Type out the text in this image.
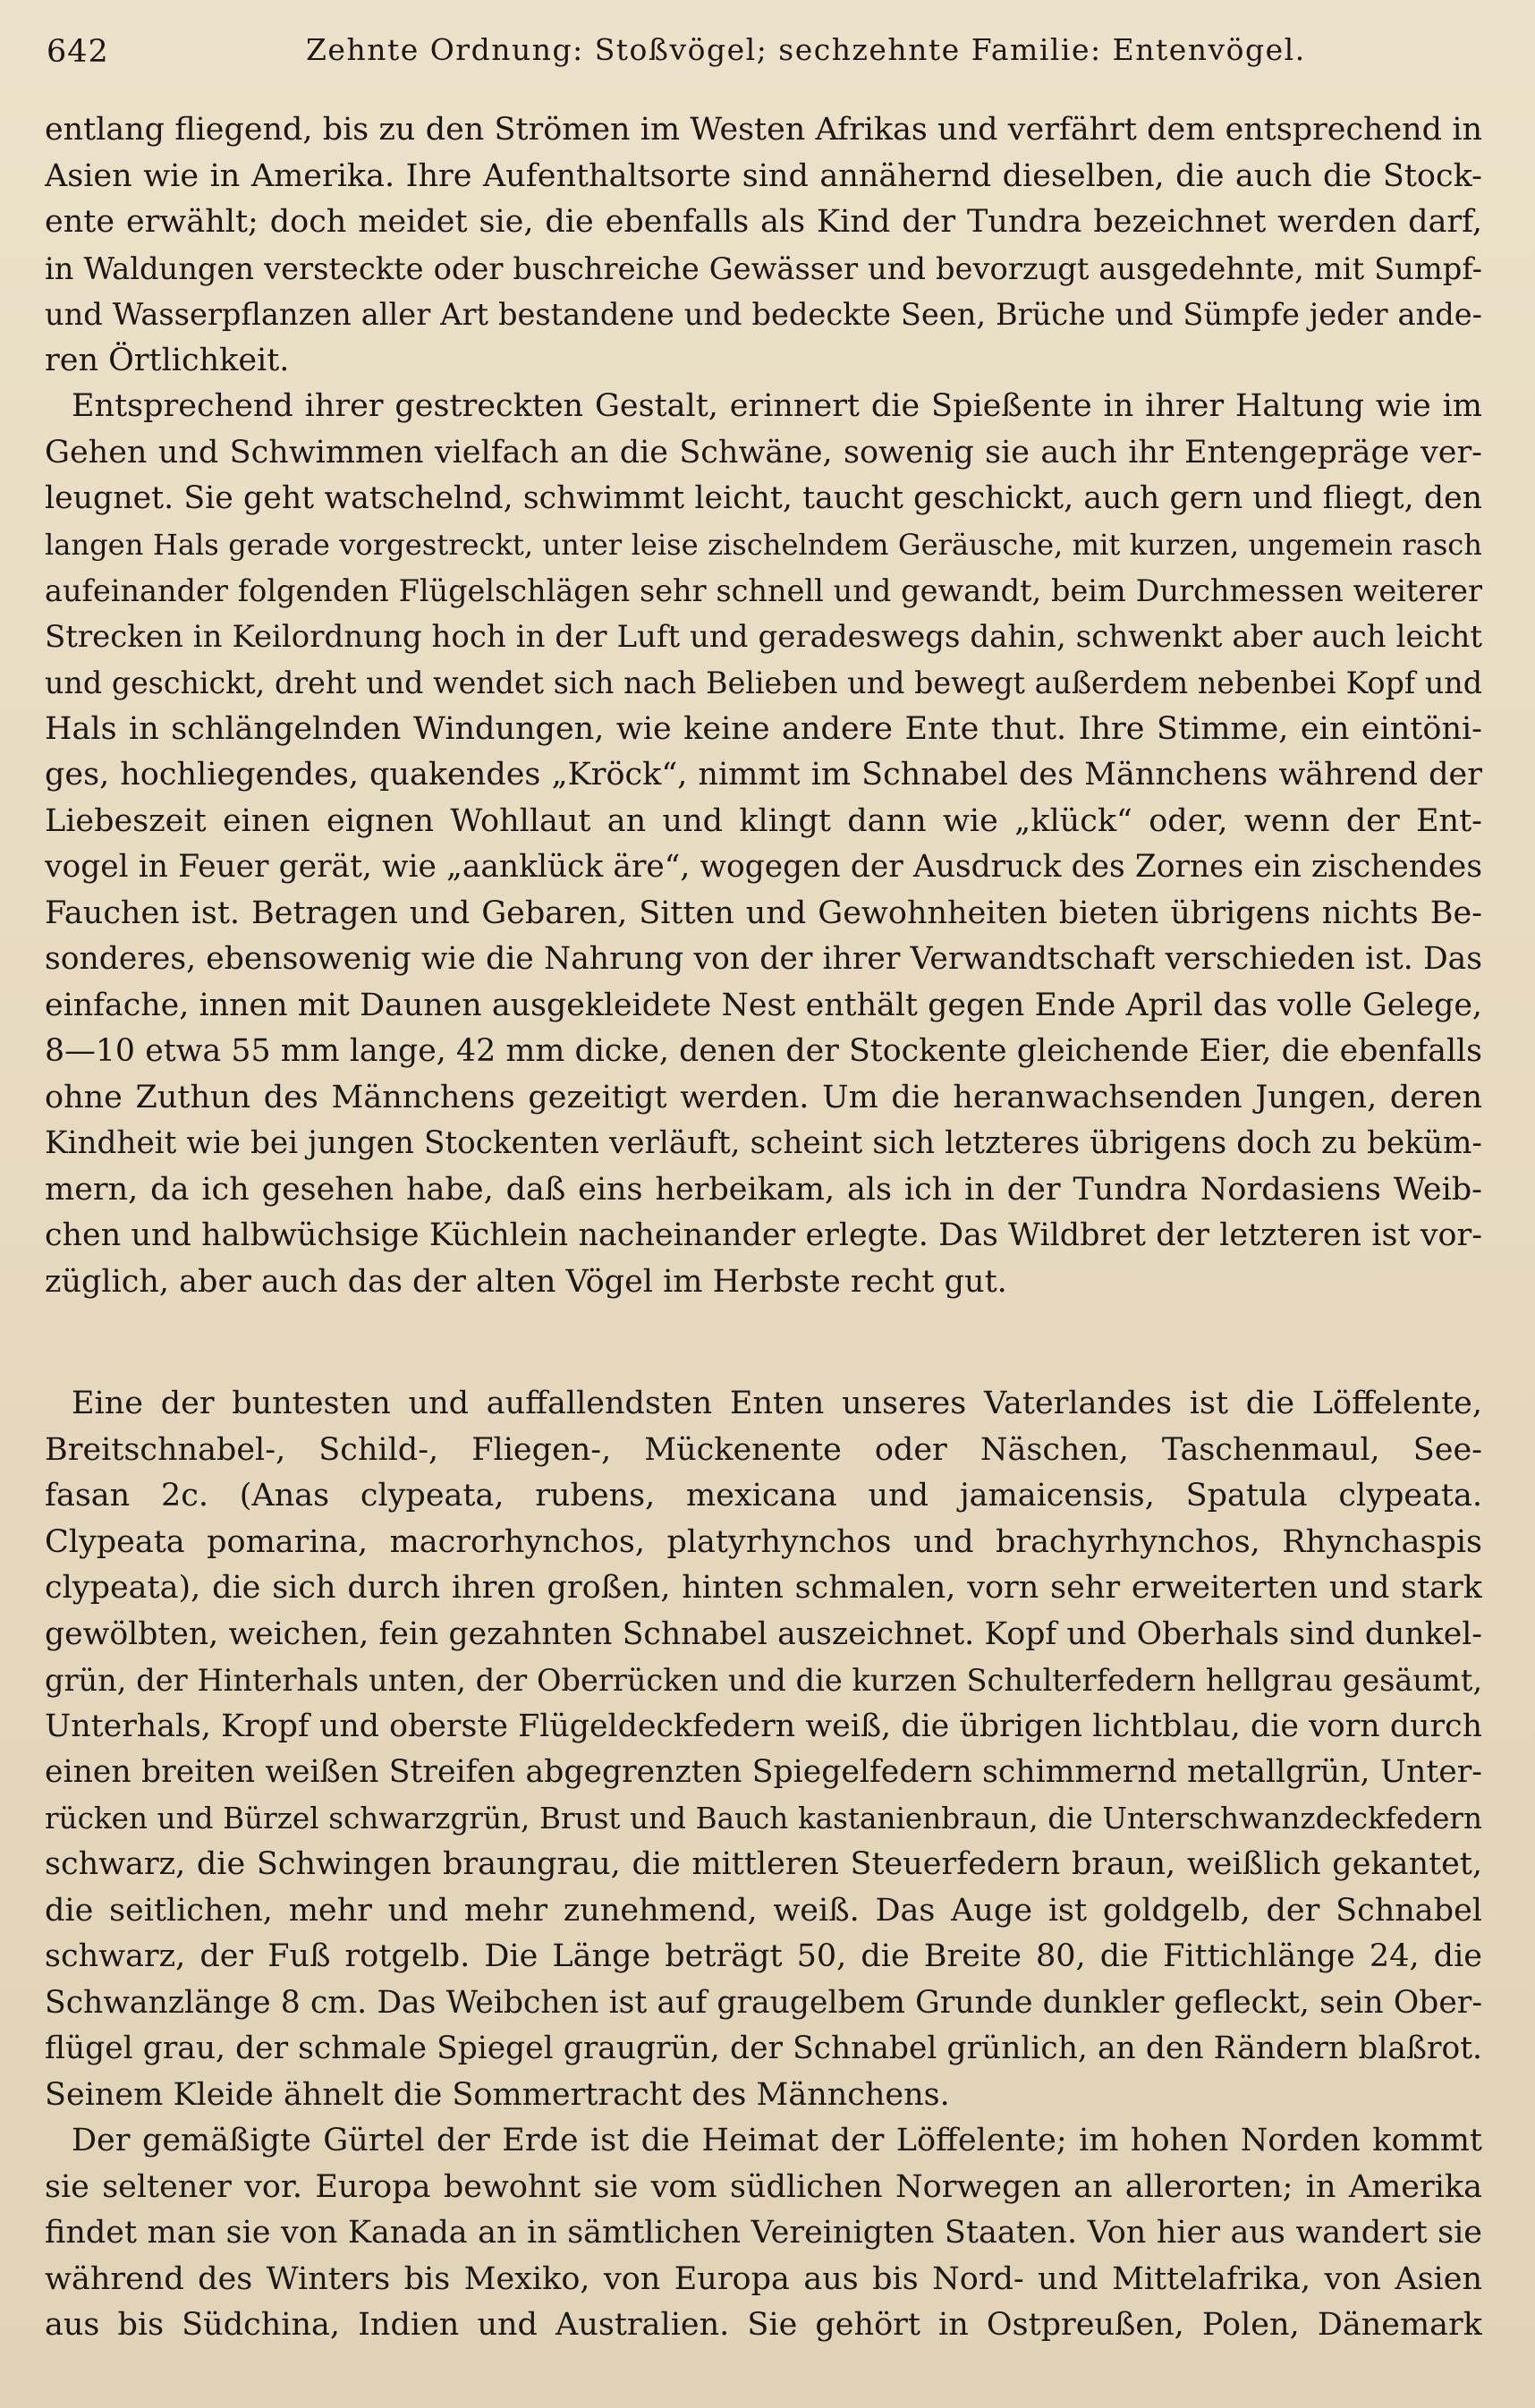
642	Zehnte Ordnung: Stoßvögel; sechzehnte Familie: Entenvögel.
entlang fliegend, bis zu den Strömen im Westen Afrikas und verfährt dem entsprechend in
Asien wie in Amerika. Ihre Aufenthaltsorte sind annähernd dieselben, die auch die Stock-
ente erwählt; doch meidet sie, die ebenfalls als Kind der Tundra bezeichnet werden darf,
in Waldungen versteckte oder buschreiche Gewässer und bevorzugt ausgedehnte, mit Sumpf-
und Wasserpflanzen aller Art bestandene und bedeckte Seen, Brüche und Sümpfe jeder ande-
ren Örtlichkeit.
Entsprechend ihrer gestreckten Gestalt, erinnert die Spießente in ihrer Haltung wie im
Gehen und Schwimmen vielfach an die Schwäne, sowenig sie auch ihr Entengepräge ver-
leugnet. Sie geht watschelnd, schwimmt leicht, taucht geschickt, auch gern und fliegt, den
langen Hals gerade vorgestreckt, unter leise zischelndem Geräusche, mit kurzen, ungemein rasch
aufeinander folgenden Flügelschlägen sehr schnell und gewandt, beim Durchmessen weiterer
Strecken in Keilordnung hoch in der Luft und geradeswegs dahin, schwenkt aber auch leicht
und geschickt, dreht und wendet sich nach Belieben und bewegt außerdem nebenbei Kopf und
Hals in schlängelnden Windungen, wie keine andere Ente thut. Ihre Stimme, ein eintöni-
ges, hochliegendes, quakendes „Kröck“, nimmt im Schnabel des Männchens während der
Liebeszeit einen eignen Wohllaut an und klingt dann wie „klück“ oder, wenn der Ent-
vogel in Feuer gerät, wie „aanklück äre“, wogegen der Ausdruck des Zornes ein zischendes
Fauchen ist. Betragen und Gebaren, Sitten und Gewohnheiten bieten übrigens nichts Be-
sonderes, ebensowenig wie die Nahrung von der ihrer Verwandtschaft verschieden ist. Das
einfache, innen mit Daunen ausgekleidete Nest enthält gegen Ende April das volle Gelege,
8—10 etwa 55 mm lange, 42 mm dicke, denen der Stockente gleichende Eier, die ebenfalls
ohne Zuthun des Männchens gezeitigt werden. Um die heranwachsenden Jungen, deren
Kindheit wie bei jungen Stockenten verläuft, scheint sich letzteres übrigens doch zu beküm-
mern, da ich gesehen habe, daß eins herbeikam, als ich in der Tundra Nordasiens Weib-
chen und halbwüchsige Küchlein nacheinander erlegte. Das Wildbret der letzteren ist vor-
züglich, aber auch das der alten Vögel im Herbste recht gut.
Eine der buntesten und auffallendsten Enten unseres Vaterlandes ist die Löffelente,
Breitschnabel-, Schild-, Fliegen-, Mückenente oder Näschen, Taschenmaul, See-
fasan 2c. (Anas clypeata, rubens, mexicana und jamaicensis, Spatula clypeata.
Clypeata pomarina, macrorhynchos, platyrhynchos und brachyrhynchos, Rhynchaspis
clypeata), die sich durch ihren großen, hinten schmalen, vorn sehr erweiterten und stark
gewölbten, weichen, fein gezahnten Schnabel auszeichnet. Kopf und Oberhals sind dunkel-
grün, der Hinterhals unten, der Oberrücken und die kurzen Schulterfedern hellgrau gesäumt,
Unterhals, Kropf und oberste Flügeldeckfedern weiß, die übrigen lichtblau, die vorn durch
einen breiten weißen Streifen abgegrenzten Spiegelfedern schimmernd metallgrün, Unter-
rücken und Bürzel schwarzgrün, Brust und Bauch kastanienbraun, die Unterschwanzdeckfedern
schwarz, die Schwingen braungrau, die mittleren Steuerfedern braun, weißlich gekantet,
die seitlichen, mehr und mehr zunehmend, weiß. Das Auge ist goldgelb, der Schnabel
schwarz, der Fuß rotgelb. Die Länge beträgt 50, die Breite 80, die Fittichlänge 24, die
Schwanzlänge 8 cm. Das Weibchen ist auf graugelbem Grunde dunkler gefleckt, sein Ober-
flügel grau, der schmale Spiegel graugrün, der Schnabel grünlich, an den Rändern blaßrot.
Seinem Kleide ähnelt die Sommertracht des Männchens.
Der gemäßigte Gürtel der Erde ist die Heimat der Löffelente; im hohen Norden kommt
sie seltener vor. Europa bewohnt sie vom südlichen Norwegen an allerorten; in Amerika
findet man sie von Kanada an in sämtlichen Vereinigten Staaten. Von hier aus wandert sie
während des Winters bis Mexiko, von Europa aus bis Nord- und Mittelafrika, von Asien
aus bis Südchina, Indien und Australien. Sie gehört in Ostpreußen, Polen, Dänemark
